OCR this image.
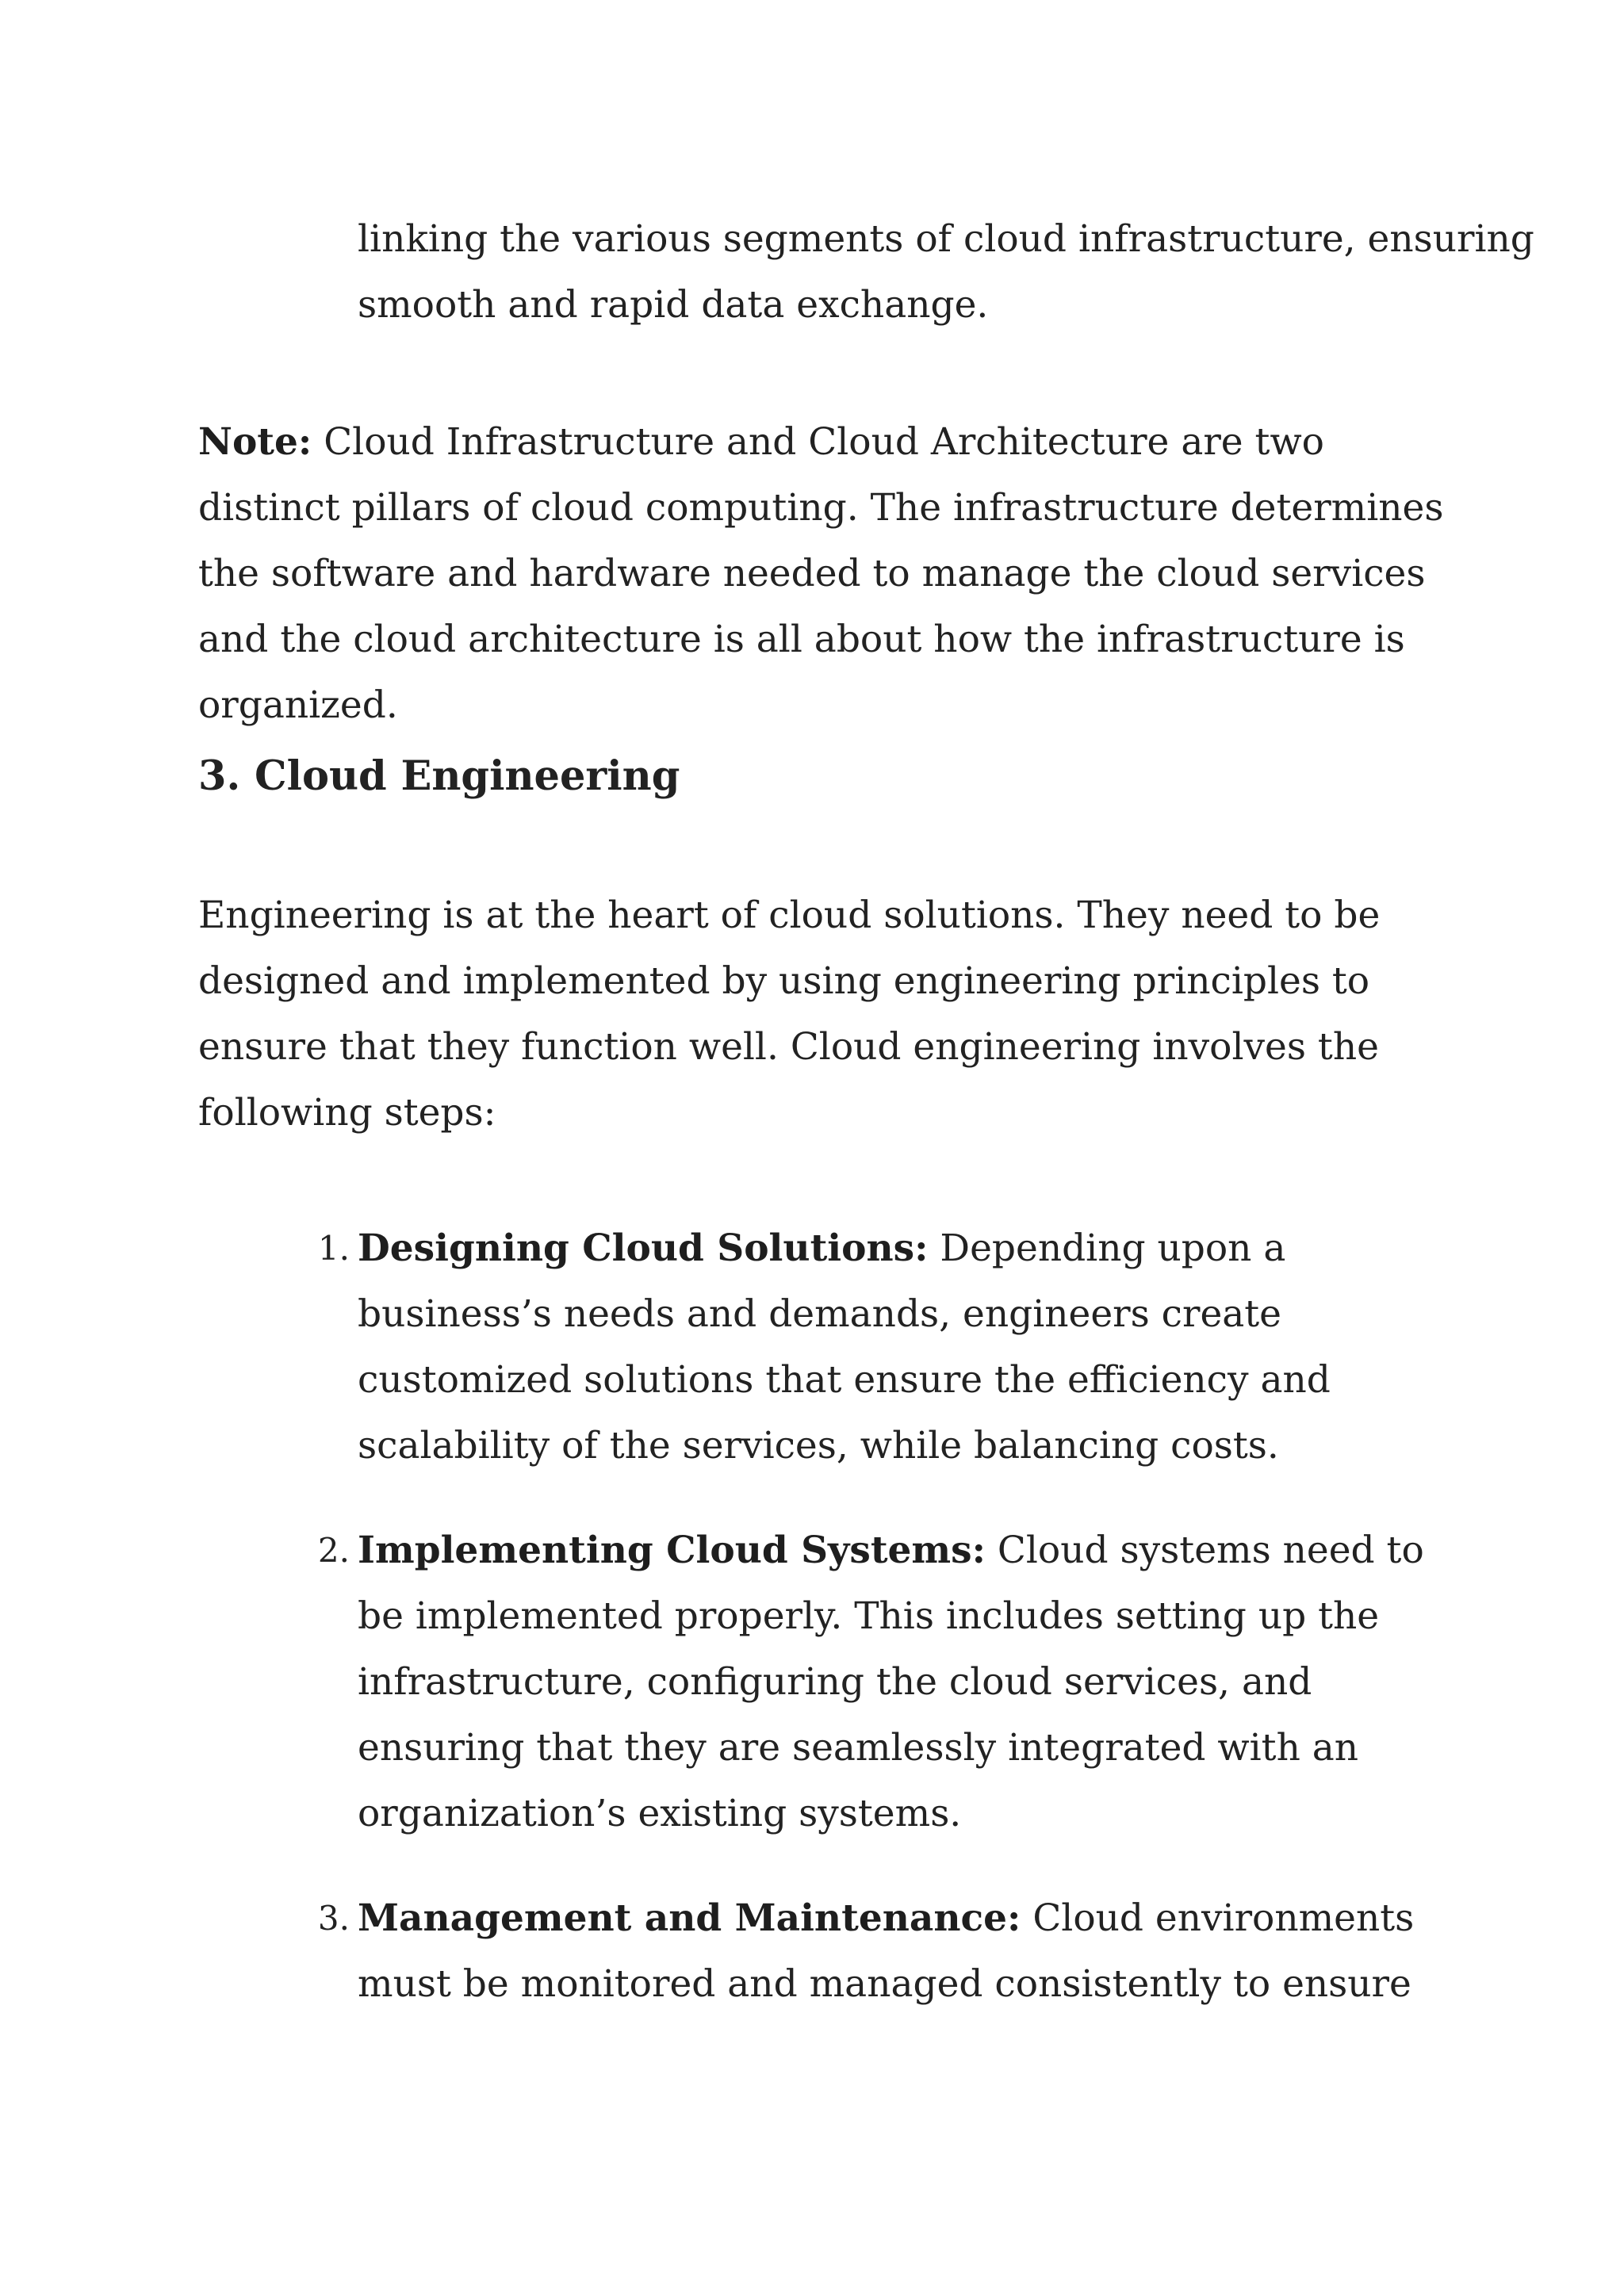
linking the various segments of cloud infrastructure, ensuring smooth and rapid data exchange.

Note: Cloud Infrastructure and Cloud Architecture are two distinct pillars of cloud computing. The infrastructure determines the software and hardware needed to manage the cloud services and the cloud architecture is all about how the infrastructure is organized.

3. Cloud Engineering

Engineering is at the heart of cloud solutions. They need to be designed and implemented by using engineering principles to ensure that they function well. Cloud engineering involves the following steps:

1. Designing Cloud Solutions: Depending upon a business’s needs and demands, engineers create customized solutions that ensure the efficiency and scalability of the services, while balancing costs.
2. Implementing Cloud Systems: Cloud systems need to be implemented properly. This includes setting up the infrastructure, configuring the cloud services, and ensuring that they are seamlessly integrated with an organization’s existing systems.
3. Management and Maintenance: Cloud environments must be monitored and managed consistently to ensure
